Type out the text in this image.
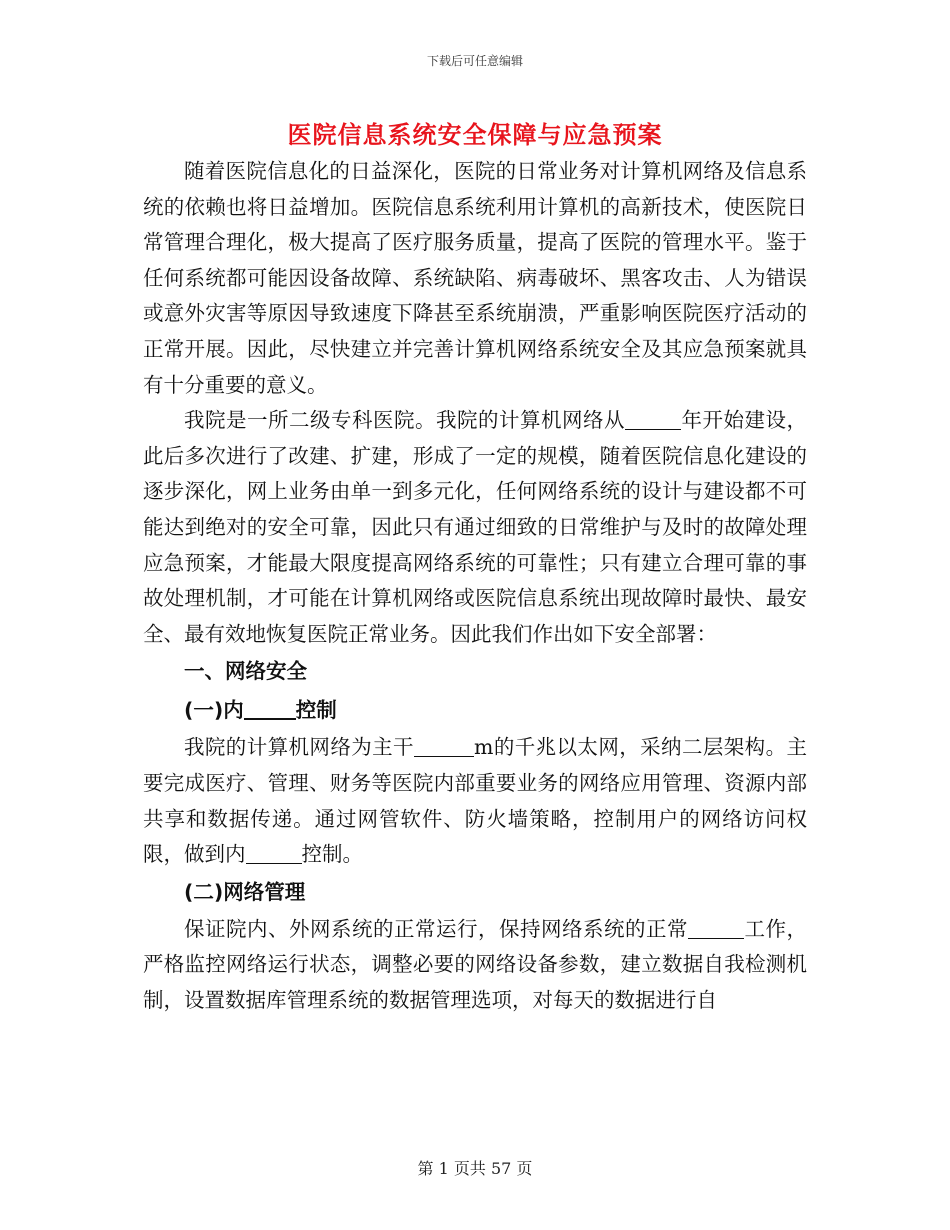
下载后可任意编辑
医院信息系统安全保障与应急预案

随着医院信息化的日益深化，医院的日常业务对计算机网络及信息系统的依赖也将日益增加。医院信息系统利用计算机的高新技术，使医院日常管理合理化，极大提高了医疗服务质量，提高了医院的管理水平。鉴于任何系统都可能因设备故障、系统缺陷、病毒破坏、黑客攻击、人为错误或意外灾害等原因导致速度下降甚至系统崩溃，严重影响医院医疗活动的正常开展。因此，尽快建立并完善计算机网络系统安全及其应急预案就具有十分重要的意义。

我院是一所二级专科医院。我院的计算机网络从	年开始建设，此后多次进行了改建、扩建，形成了一定的规模，随着医院信息化建设的逐步深化，网上业务由单一到多元化，任何网络系统的设计与建设都不可能达到绝对的安全可靠，因此只有通过细致的日常维护与及时的故障处理应急预案，才能最大限度提高网络系统的可靠性；只有建立合理可靠的事故处理机制，才可能在计算机网络或医院信息系统出现故障时最快、最安全、最有效地恢复医院正常业务。因此我们作出如下安全部署：

一、网络安全
(一)内	控制

我院的计算机网络为主干	m的千兆以太网，采纳二层架构。主要完成医疗、管理、财务等医院内部重要业务的网络应用管理、资源内部共享和数据传递。通过网管软件、防火墙策略，控制用户的网络访问权限，做到内	控制。

(二)网络管理

保证院内、外网系统的正常运行，保持网络系统的正常	工作，严格监控网络运行状态，调整必要的网络设备参数，建立数据自我检测机制，设置数据库管理系统的数据管理选项，对每天的数据进行自

第 1 页共 57 页
